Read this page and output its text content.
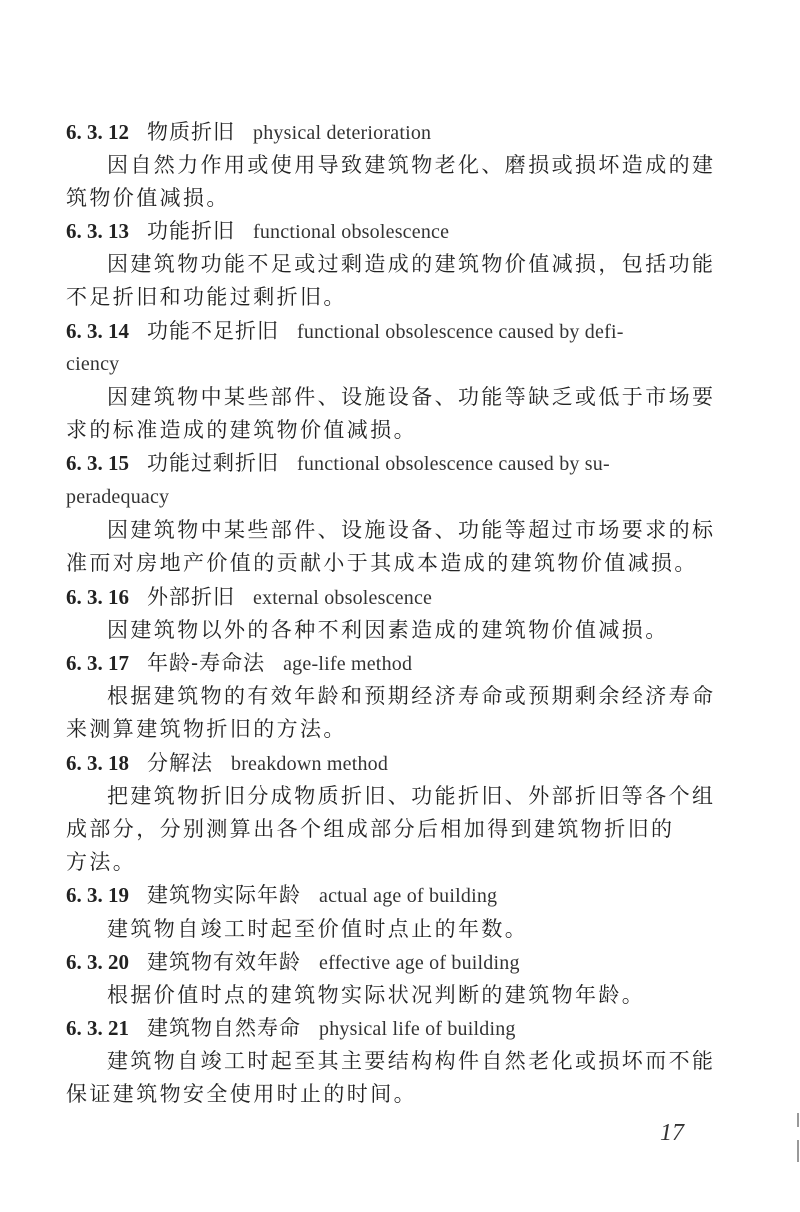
6. 3. 12 物质折旧 physical deterioration
因自然力作用或使用导致建筑物老化、磨损或损坏造成的建
筑物价值减损。
6. 3. 13 功能折旧 functional obsolescence
因建筑物功能不足或过剩造成的建筑物价值减损，包括功能
不足折旧和功能过剩折旧。
6. 3. 14 功能不足折旧 functional obsolescence caused by defi-
ciency
因建筑物中某些部件、设施设备、功能等缺乏或低于市场要
求的标准造成的建筑物价值减损。
6. 3. 15 功能过剩折旧 functional obsolescence caused by su-
peradequacy
因建筑物中某些部件、设施设备、功能等超过市场要求的标
准而对房地产价值的贡献小于其成本造成的建筑物价值减损。
6. 3. 16 外部折旧 external obsolescence
因建筑物以外的各种不利因素造成的建筑物价值减损。
6. 3. 17 年龄-寿命法 age-life method
根据建筑物的有效年龄和预期经济寿命或预期剩余经济寿命
来测算建筑物折旧的方法。
6. 3. 18 分解法 breakdown method
把建筑物折旧分成物质折旧、功能折旧、外部折旧等各个组
成部分，分别测算出各个组成部分后相加得到建筑物折旧的
方法。
6. 3. 19 建筑物实际年龄 actual age of building
建筑物自竣工时起至价值时点止的年数。
6. 3. 20 建筑物有效年龄 effective age of building
根据价值时点的建筑物实际状况判断的建筑物年龄。
6. 3. 21 建筑物自然寿命 physical life of building
建筑物自竣工时起至其主要结构构件自然老化或损坏而不能
保证建筑物安全使用时止的时间。
17
